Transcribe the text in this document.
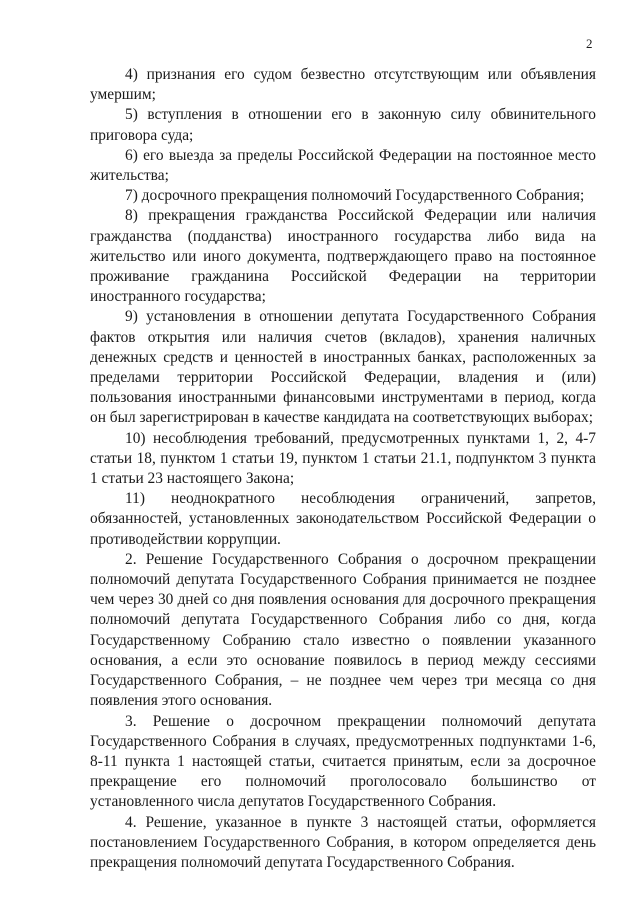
2

4) признания его судом безвестно отсутствующим или объявления умершим;

5) вступления в отношении его в законную силу обвинительного приговора суда;

6) его выезда за пределы Российской Федерации на постоянное место жительства;

7) досрочного прекращения полномочий Государственного Собрания;

8) прекращения гражданства Российской Федерации или наличия гражданства (подданства) иностранного государства либо вида на жительство или иного документа, подтверждающего право на постоянное проживание гражданина Российской Федерации на территории иностранного государства;

9) установления в отношении депутата Государственного Собрания фактов открытия или наличия счетов (вкладов), хранения наличных денежных средств и ценностей в иностранных банках, расположенных за пределами территории Российской Федерации, владения и (или) пользования иностранными финансовыми инструментами в период, когда он был зарегистрирован в качестве кандидата на соответствующих выборах;

10) несоблюдения требований, предусмотренных пунктами 1, 2, 4-7 статьи 18, пунктом 1 статьи 19, пунктом 1 статьи 21.1, подпунктом 3 пункта 1 статьи 23 настоящего Закона;

11) неоднократного несоблюдения ограничений, запретов, обязанностей, установленных законодательством Российской Федерации о противодействии коррупции.

2. Решение Государственного Собрания о досрочном прекращении полномочий депутата Государственного Собрания принимается не позднее чем через 30 дней со дня появления основания для досрочного прекращения полномочий депутата Государственного Собрания либо со дня, когда Государственному Собранию стало известно о появлении указанного основания, а если это основание появилось в период между сессиями Государственного Собрания, – не позднее чем через три месяца со дня появления этого основания.

3. Решение о досрочном прекращении полномочий депутата Государственного Собрания в случаях, предусмотренных подпунктами 1-6, 8-11 пункта 1 настоящей статьи, считается принятым, если за досрочное прекращение его полномочий проголосовало большинство от установленного числа депутатов Государственного Собрания.

4. Решение, указанное в пункте 3 настоящей статьи, оформляется постановлением Государственного Собрания, в котором определяется день прекращения полномочий депутата Государственного Собрания.
